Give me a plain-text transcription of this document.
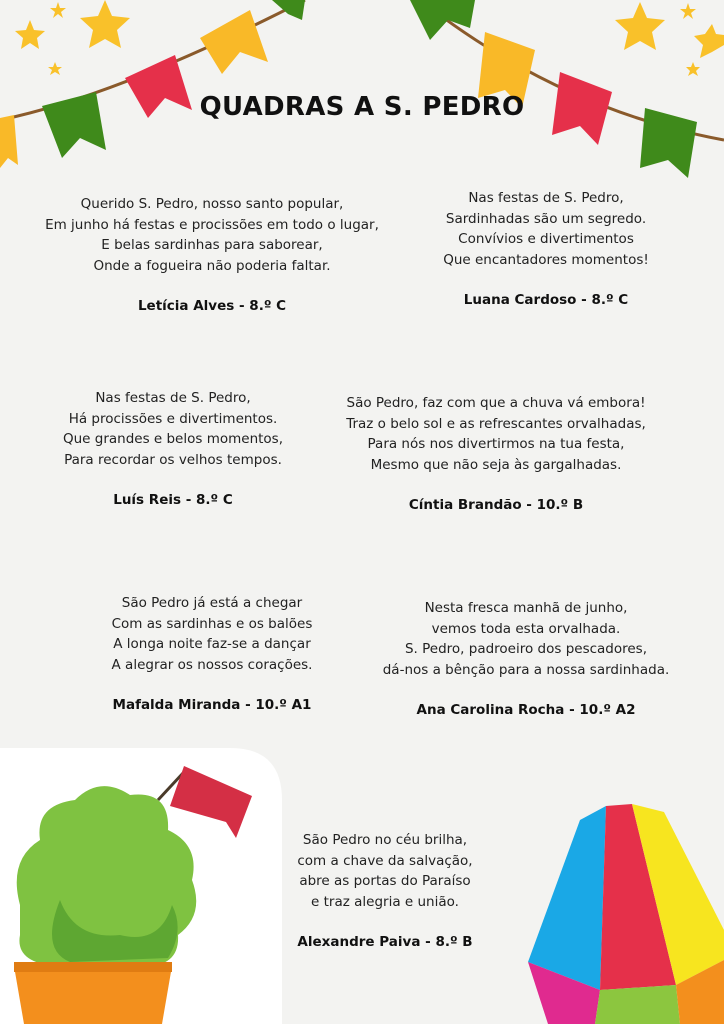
QUADRAS A S. PEDRO
Querido S. Pedro, nosso santo popular,
Em junho há festas e procissões em todo o lugar,
E belas sardinhas para saborear,
Onde a fogueira não poderia faltar.
Letícia Alves - 8.º C
Nas festas de S. Pedro,
Sardinhadas são um segredo.
Convívios e divertimentos
Que encantadores momentos!
Luana Cardoso - 8.º C
Nas festas de S. Pedro,
Há procissões e divertimentos.
Que grandes e belos momentos,
Para recordar os velhos tempos.
Luís Reis - 8.º C
São Pedro, faz com que a chuva vá embora!
Traz o belo sol e as refrescantes orvalhadas,
Para nós nos divertirmos na tua festa,
Mesmo que não seja às gargalhadas.
Cíntia Brandão - 10.º B
São Pedro já está a chegar
Com as sardinhas e os balões
A longa noite faz-se a dançar
A alegrar os nossos corações.
Mafalda Miranda - 10.º A1
Nesta fresca manhã de junho,
vemos toda esta orvalhada.
S. Pedro, padroeiro dos pescadores,
dá-nos a bênção para a nossa sardinhada.
Ana Carolina Rocha - 10.º A2
São Pedro no céu brilha,
com a chave da salvação,
abre as portas do Paraíso
e traz alegria e união.
Alexandre Paiva - 8.º B
